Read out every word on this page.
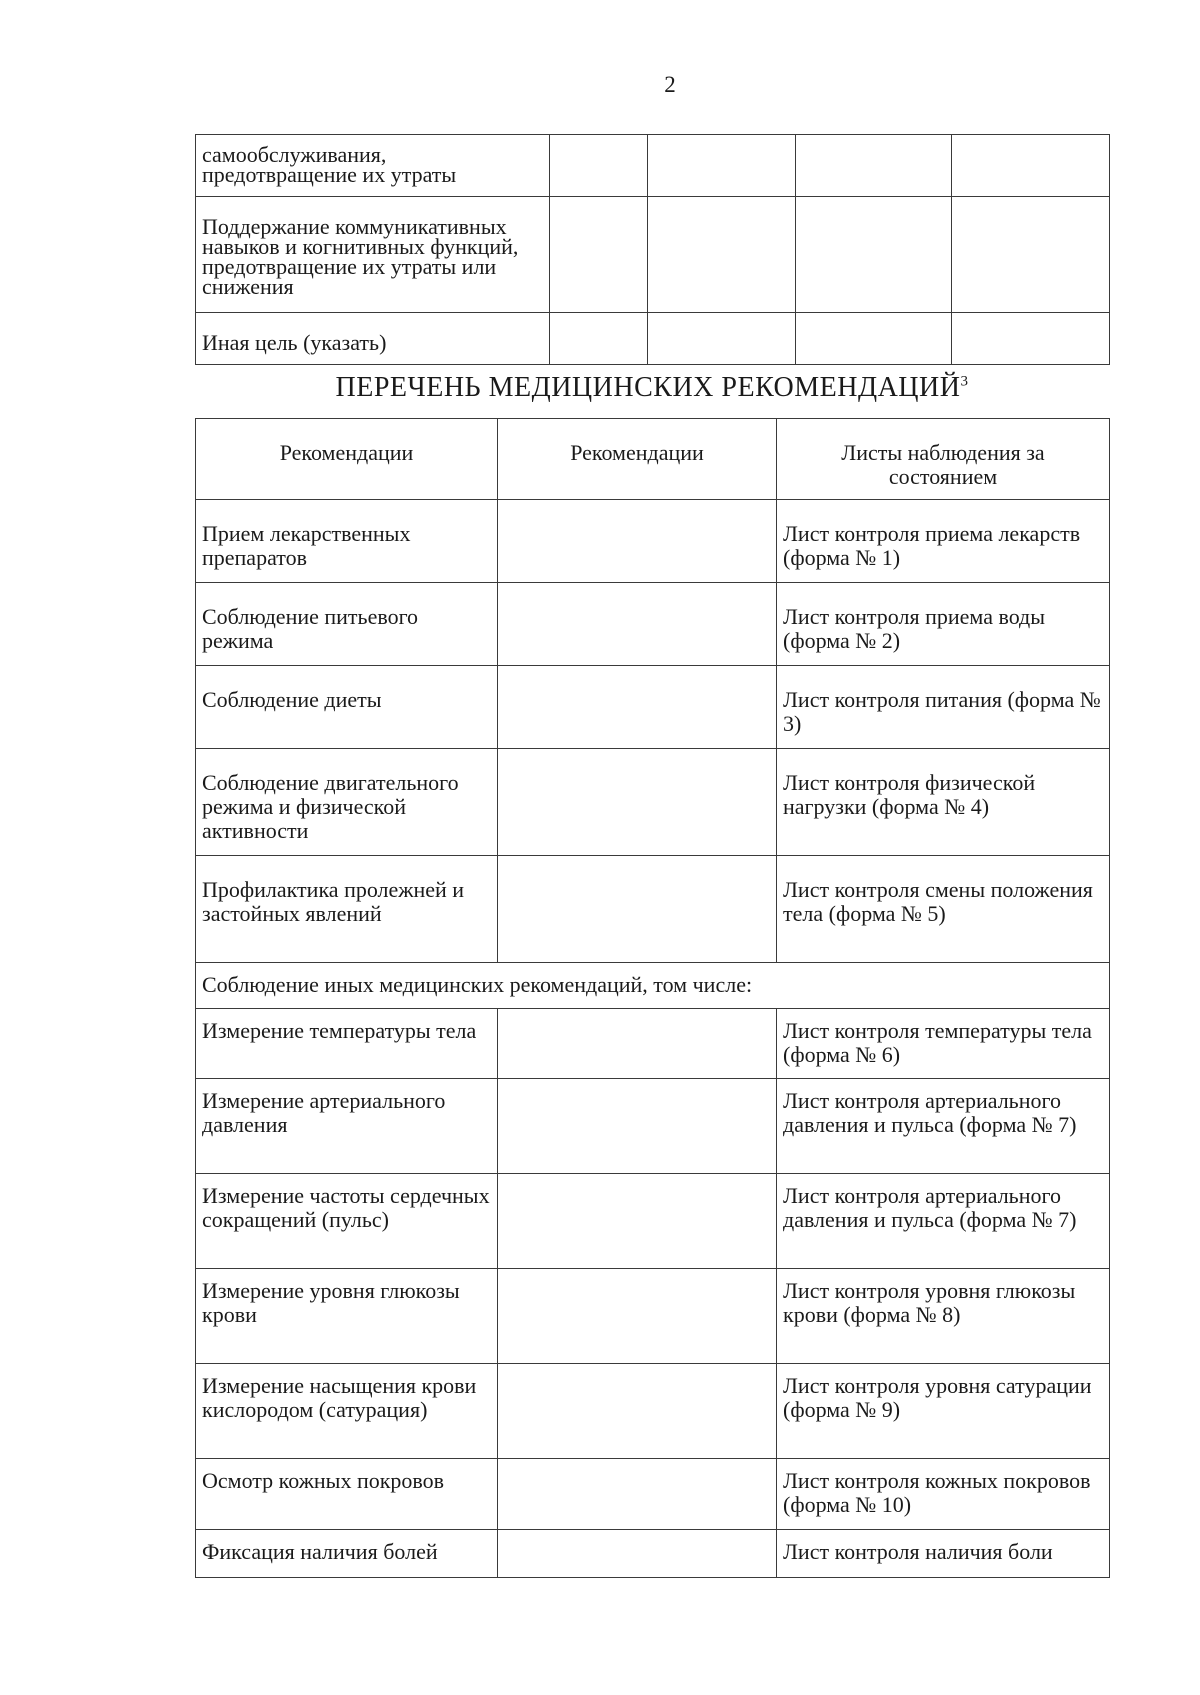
2
самообслуживания, предотвращение их утраты				
Поддержание коммуникативных навыков и когнитивных функций, предотвращение их утраты или снижения				
Иная цель (указать)				
ПЕРЕЧЕНЬ МЕДИЦИНСКИХ РЕКОМЕНДАЦИЙ$^3$
Рекомендации	Рекомендации	Листы наблюдения за состоянием
Прием лекарственных препаратов		Лист контроля приема лекарств (форма № 1)
Соблюдение питьевого режима		Лист контроля приема воды (форма № 2)
Соблюдение диеты		Лист контроля питания (форма № 3)
Соблюдение двигательного режима и физической активности		Лист контроля физической нагрузки (форма № 4)
Профилактика пролежней и застойных явлений		Лист контроля смены положения тела (форма № 5)
Соблюдение иных медицинских рекомендаций, том числе:		
Измерение температуры тела		Лист контроля температуры тела (форма № 6)
Измерение артериального давления		Лист контроля артериального давления и пульса (форма № 7)
Измерение частоты сердечных сокращений (пульс)		Лист контроля артериального давления и пульса (форма № 7)
Измерение уровня глюкозы крови		Лист контроля уровня глюкозы крови (форма № 8)
Измерение насыщения крови кислородом (сатурация)		Лист контроля уровня сатурации (форма № 9)
Осмотр кожных покровов		Лист контроля кожных покровов (форма № 10)
Фиксация наличия болей		Лист контроля наличия боли
